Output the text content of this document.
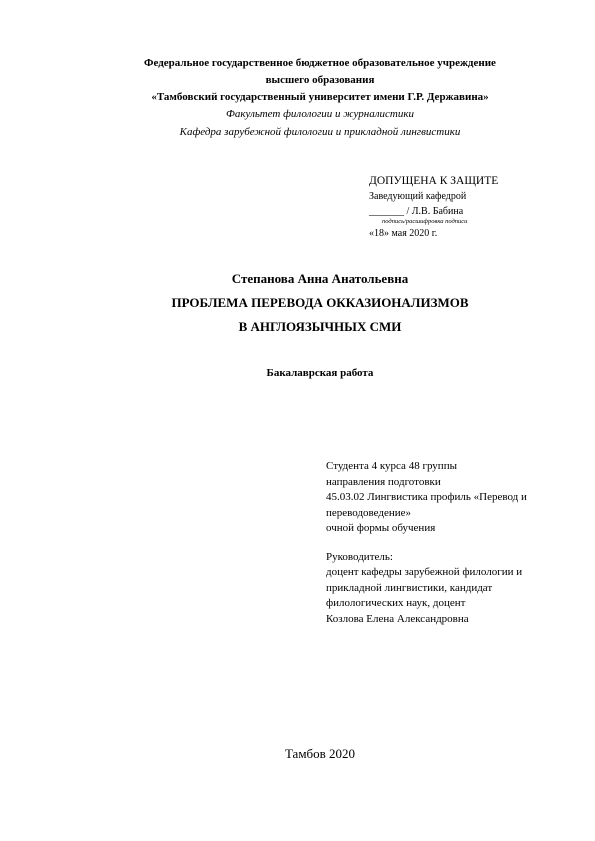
Федеральное государственное бюджетное образовательное учреждение
высшего образования
«Тамбовский государственный университет имени Г.Р. Державина»
Факультет филологии и журналистики
Кафедра зарубежной филологии и прикладной лингвистики
ДОПУЩЕНА К ЗАЩИТЕ
Заведующий кафедрой
_______ / Л.В. Бабина
подпись/расшифровка подписи
«18» мая 2020 г.
Степанова Анна Анатольевна
ПРОБЛЕМА ПЕРЕВОДА ОККАЗИОНАЛИЗМОВ
В АНГЛОЯЗЫЧНЫХ СМИ
Бакалаврская работа
Студента 4 курса 48 группы
направления подготовки
45.03.02 Лингвистика профиль «Перевод и
переводоведение»
очной формы обучения
Руководитель:
доцент кафедры зарубежной филологии и
прикладной лингвистики, кандидат
филологических наук, доцент
Козлова Елена Александровна
Тамбов 2020
